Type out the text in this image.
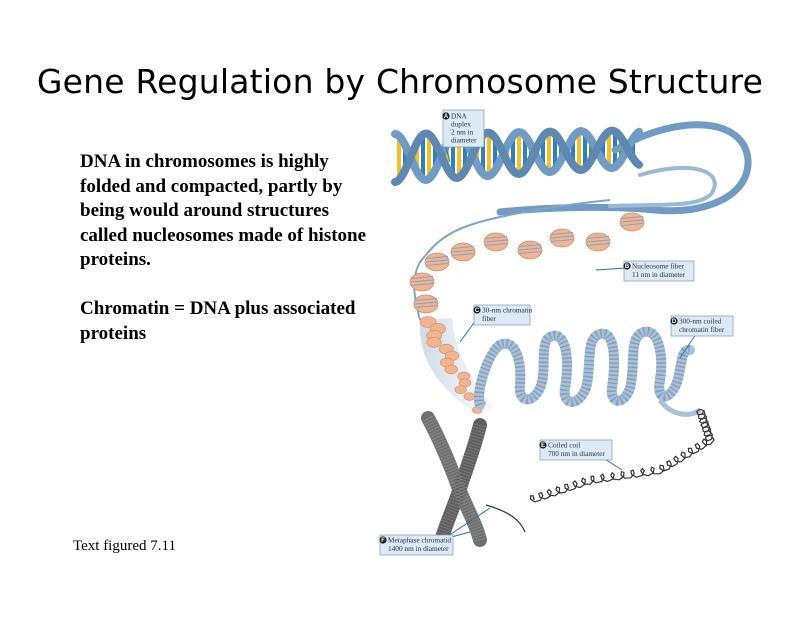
Gene Regulation by Chromosome Structure

DNA in chromosomes is highly folded and compacted, partly by being would around structures called nucleosomes made of histone proteins.

Chromatin = DNA plus associated proteins

Text figured 7.11
A DNA
duplex
2 nm in
diameter
B Nucleosome fiber
11 nm in diameter
C 30-nm chromatin
fiber	D 300-nm coiled
chromatin fiber
E Coiled coil
700 nm in diameter
F Metaphase chromatid
1400 nm in diameter
